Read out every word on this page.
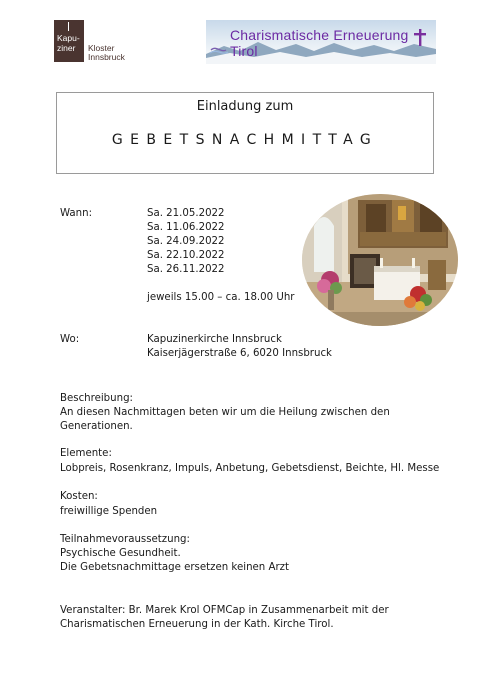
Kapu-
ziner Kloster
Innsbruck
Charismatische Erneuerung Tirol
Einladung zum
GEBETSNACHMITTAG
Wann:	Sa. 21.05.2022
Sa. 11.06.2022
Sa. 24.09.2022
Sa. 22.10.2022
Sa. 26.11.2022
jeweils 15.00 – ca. 18.00 Uhr
Wo:	Kapuzinerkirche Innsbruck
Kaiserjägerstraße 6, 6020 Innsbruck
Beschreibung:
An diesen Nachmittagen beten wir um die Heilung zwischen den
Generationen.
Elemente:
Lobpreis, Rosenkranz, Impuls, Anbetung, Gebetsdienst, Beichte, Hl. Messe
Kosten:
freiwillige Spenden
Teilnahmevoraussetzung:
Psychische Gesundheit.
Die Gebetsnachmittage ersetzen keinen Arzt
Veranstalter: Br. Marek Krol OFMCap in Zusammenarbeit mit der
Charismatischen Erneuerung in der Kath. Kirche Tirol.
